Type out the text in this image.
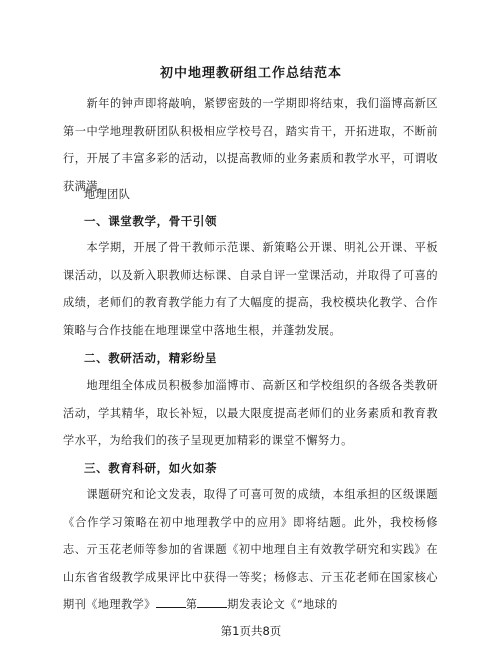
初中地理教研组工作总结范本

新年的钟声即将敲响，紧锣密鼓的一学期即将结束，我们淄博高新区第一中学地理教研团队积极相应学校号召，踏实肯干，开拓进取，不断前行，开展了丰富多彩的活动，以提高教师的业务素质和教学水平，可谓收获满满。

地理团队
一、课堂教学，骨干引领

本学期，开展了骨干教师示范课、新策略公开课、明礼公开课、平板课活动，以及新入职教师达标课、自录自评一堂课活动，并取得了可喜的成绩，老师们的教育教学能力有了大幅度的提高，我校模块化教学、合作策略与合作技能在地理课堂中落地生根，并蓬勃发展。

二、教研活动，精彩纷呈

地理组全体成员积极参加淄博市、高新区和学校组织的各级各类教研活动，学其精华，取长补短，以最大限度提高老师们的业务素质和教育教学水平，为给我们的孩子呈现更加精彩的课堂不懈努力。

三、教育科研，如火如荼

课题研究和论文发表，取得了可喜可贺的成绩，本组承担的区级课题《合作学习策略在初中地理教学中的应用》即将结题。此外，我校杨修志、亓玉花老师等参加的省课题《初中地理自主有效教学研究和实践》在山东省省级教学成果评比中获得一等奖；杨修志、亓玉花老师在国家核心期刊《地理教学》	第	期发表论文《“地球的

第1页共8页
